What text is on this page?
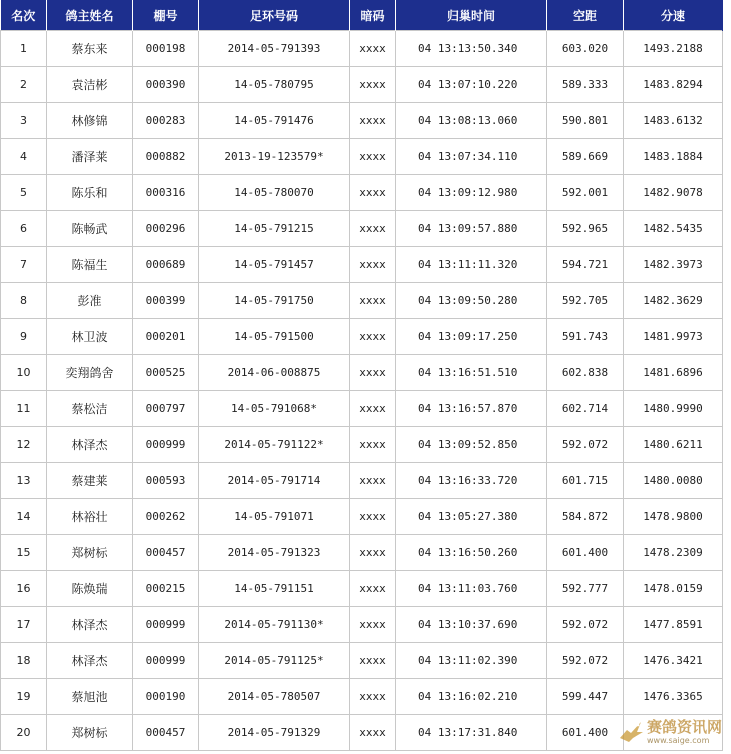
名次	鸽主姓名	棚号	足环号码	暗码	归巢时间	空距	分速
1	蔡东来	000198	2014-05-791393	xxxx	04 13:13:50.340	603.020	1493.2188
2	袁洁彬	000390	14-05-780795	xxxx	04 13:07:10.220	589.333	1483.8294
3	林修锦	000283	14-05-791476	xxxx	04 13:08:13.060	590.801	1483.6132
4	潘泽莱	000882	2013-19-123579*	xxxx	04 13:07:34.110	589.669	1483.1884
5	陈乐和	000316	14-05-780070	xxxx	04 13:09:12.980	592.001	1482.9078
6	陈畅武	000296	14-05-791215	xxxx	04 13:09:57.880	592.965	1482.5435
7	陈福生	000689	14-05-791457	xxxx	04 13:11:11.320	594.721	1482.3973
8	彭准	000399	14-05-791750	xxxx	04 13:09:50.280	592.705	1482.3629
9	林卫波	000201	14-05-791500	xxxx	04 13:09:17.250	591.743	1481.9973
10	奕翔鸽舍	000525	2014-06-008875	xxxx	04 13:16:51.510	602.838	1481.6896
11	蔡松洁	000797	14-05-791068*	xxxx	04 13:16:57.870	602.714	1480.9990
12	林泽杰	000999	2014-05-791122*	xxxx	04 13:09:52.850	592.072	1480.6211
13	蔡建莱	000593	2014-05-791714	xxxx	04 13:16:33.720	601.715	1480.0080
14	林裕壮	000262	14-05-791071	xxxx	04 13:05:27.380	584.872	1478.9800
15	郑树标	000457	2014-05-791323	xxxx	04 13:16:50.260	601.400	1478.2309
16	陈焕瑞	000215	14-05-791151	xxxx	04 13:11:03.760	592.777	1478.0159
17	林泽杰	000999	2014-05-791130*	xxxx	04 13:10:37.690	592.072	1477.8591
18	林泽杰	000999	2014-05-791125*	xxxx	04 13:11:02.390	592.072	1476.3421
19	蔡旭池	000190	2014-05-780507	xxxx	04 13:16:02.210	599.447	1476.3365
20	郑树标	000457	2014-05-791329	xxxx	04 13:17:31.840	601.400		赛鸽资讯网
www.saige.com
